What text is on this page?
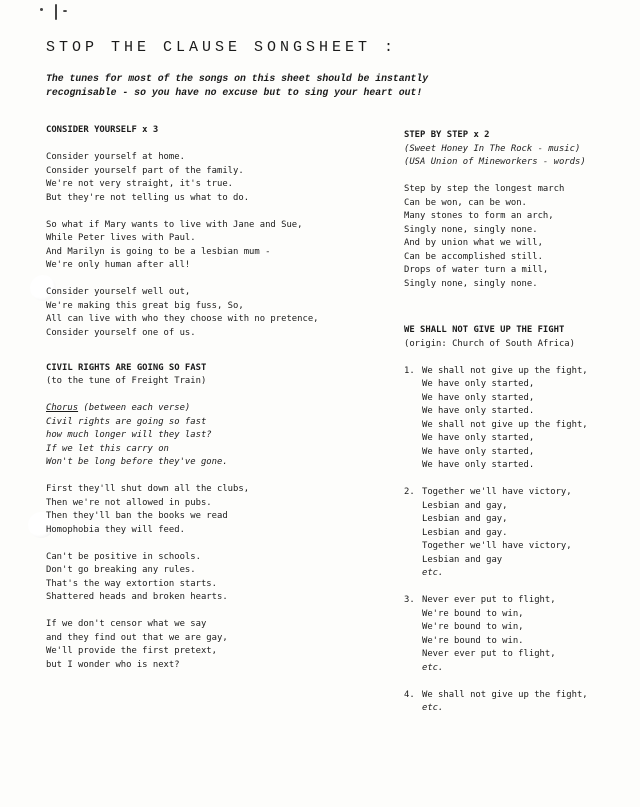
STOP THE CLAUSE SONGSHEET :
The tunes for most of the songs on this sheet should be instantly
recognisable - so you have no excuse but to sing your heart out!
CONSIDER YOURSELF x 3
Consider yourself at home.
Consider yourself part of the family.
We're not very straight, it's true.
But they're not telling us what to do.
So what if Mary wants to live with Jane and Sue,
While Peter lives with Paul.
And Marilyn is going to be a lesbian mum -
We're only human after all!
Consider yourself well out,
We're making this great big fuss, So,
All can live with who they choose with no pretence,
Consider yourself one of us.
CIVIL RIGHTS ARE GOING SO FAST
(to the tune of Freight Train)
Chorus (between each verse)
Civil rights are going so fast
how much longer will they last?
If we let this carry on
Won't be long before they've gone.
First they'll shut down all the clubs,
Then we're not allowed in pubs.
Then they'll ban the books we read
Homophobia they will feed.
Can't be positive in schools.
Don't go breaking any rules.
That's the way extortion starts.
Shattered heads and broken hearts.
If we don't censor what we say
and they find out that we are gay,
We'll provide the first pretext,
but I wonder who is next?
STEP BY STEP x 2
(Sweet Honey In The Rock - music)
(USA Union of Mineworkers - words)
Step by step the longest march
Can be won, can be won.
Many stones to form an arch,
Singly none, singly none.
And by union what we will,
Can be accomplished still.
Drops of water turn a mill,
Singly none, singly none.
WE SHALL NOT GIVE UP THE FIGHT
(origin: Church of South Africa)
1. We shall not give up the fight,
We have only started,
We have only started,
We have only started.
We shall not give up the fight,
We have only started,
We have only started,
We have only started.
2. Together we'll have victory,
Lesbian and gay,
Lesbian and gay,
Lesbian and gay.
Together we'll have victory,
Lesbian and gay
etc.
3. Never ever put to flight,
We're bound to win,
We're bound to win,
We're bound to win.
Never ever put to flight,
etc.
4. We shall not give up the fight,
etc.
